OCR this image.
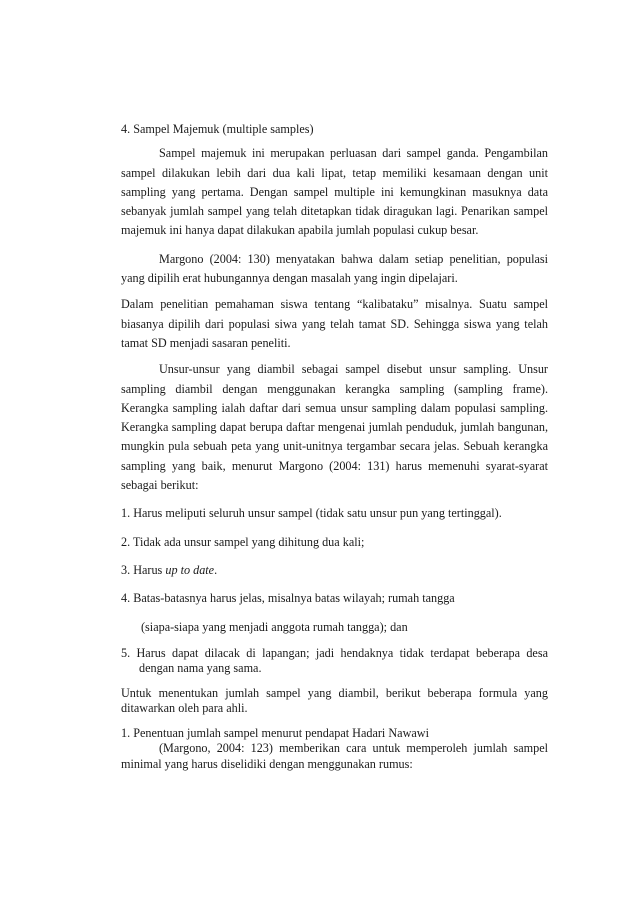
4. Sampel Majemuk (multiple samples)

Sampel majemuk ini merupakan perluasan dari sampel ganda. Pengambilan sampel dilakukan lebih dari dua kali lipat, tetap memiliki kesamaan dengan unit sampling yang pertama. Dengan sampel multiple ini kemungkinan masuknya data sebanyak jumlah sampel yang telah ditetapkan tidak diragukan lagi. Penarikan sampel majemuk ini hanya dapat dilakukan apabila jumlah populasi cukup besar.

Margono (2004: 130) menyatakan bahwa dalam setiap penelitian, populasi yang dipilih erat hubungannya dengan masalah yang ingin dipelajari.

Dalam penelitian pemahaman siswa tentang “kalibataku” misalnya. Suatu sampel biasanya dipilih dari populasi siwa yang telah tamat SD. Sehingga siswa yang telah tamat SD menjadi sasaran peneliti.

Unsur-unsur yang diambil sebagai sampel disebut unsur sampling. Unsur sampling diambil dengan menggunakan kerangka sampling (sampling frame). Kerangka sampling ialah daftar dari semua unsur sampling dalam populasi sampling. Kerangka sampling dapat berupa daftar mengenai jumlah penduduk, jumlah bangunan, mungkin pula sebuah peta yang unit-unitnya tergambar secara jelas. Sebuah kerangka sampling yang baik, menurut Margono (2004: 131) harus memenuhi syarat-syarat sebagai berikut:

1. Harus meliputi seluruh unsur sampel (tidak satu unsur pun yang tertinggal).

2. Tidak ada unsur sampel yang dihitung dua kali;

3. Harus up to date.

4. Batas-batasnya harus jelas, misalnya batas wilayah; rumah tangga

(siapa-siapa yang menjadi anggota rumah tangga); dan

5. Harus dapat dilacak di lapangan; jadi hendaknya tidak terdapat beberapa desa dengan nama yang sama.

Untuk menentukan jumlah sampel yang diambil, berikut beberapa formula yang ditawarkan oleh para ahli.

1. Penentuan jumlah sampel menurut pendapat Hadari Nawawi

(Margono, 2004: 123) memberikan cara untuk memperoleh jumlah sampel minimal yang harus diselidiki dengan menggunakan rumus:
